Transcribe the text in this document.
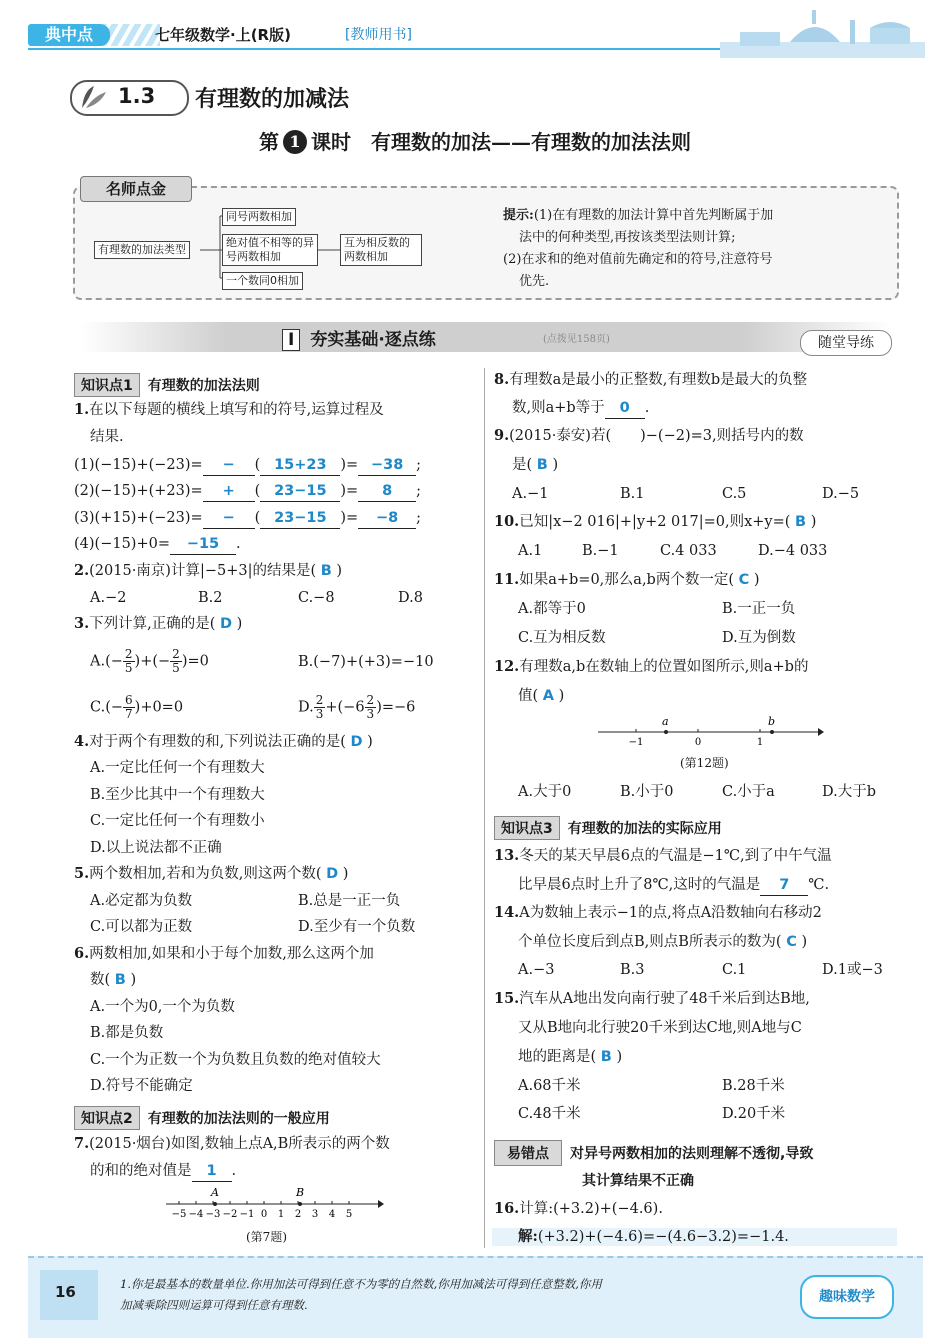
典中点	七年级数学·上(R版)	[教师用书]
1.3 有理数的加减法
第 1 课时　有理数的加法——有理数的加法法则
名师点金
有理数的加法类型
同号两数相加
绝对值不相等的异号两数相加
一个数同0相加
互为相反数的两数相加
提示:(1)在有理数的加法计算中首先判断属于加
法中的何种类型,再按该类型法则计算;
(2)在求和的绝对值前先确定和的符号,注意符号
优先.
Ⅰ 夯实基础·逐点练	(点拨见158页)	随堂导练
知识点1 有理数的加法法则
1.在以下每题的横线上填写和的符号,运算过程及
结果.
(1)(−15)+(−23)= − ( 15+23 )= −38 ;
(2)(−15)+(+23)= + ( 23−15 )= 8 ;
(3)(+15)+(−23)= − ( 23−15 )= −8 ;
(4)(−15)+0= −15 .
2.(2015·南京)计算|−5+3|的结果是( B )
A.−2	B.2	C.−8	D.8
3.下列计算,正确的是( D )
$A.(- \frac{2}{5}$ )+(− $\frac{2}{5} )=0$	B.(−7)+(+3)=−10
$C.(- \frac{6}{7} )+0=0$	D. $\frac{2}{3} +(-6 \frac{2}{3} )=-6$
4.对于两个有理数的和,下列说法正确的是( D )
A.一定比任何一个有理数大
B.至少比其中一个有理数大
C.一定比任何一个有理数小
D.以上说法都不正确
5.两个数相加,若和为负数,则这两个数( D )
A.必定都为负数	B.总是一正一负
C.可以都为正数	D.至少有一个负数
6.两数相加,如果和小于每个加数,那么这两个加
数( B )
A.一个为0,一个为负数
B.都是负数
C.一个为正数一个为负数且负数的绝对值较大
D.符号不能确定
知识点2 有理数的加法法则的一般应用
7.(2015·烟台)如图,数轴上点A,B所表示的两个数
的和的绝对值是 1 .
−5 −4 −3 −2 −1 0 1 2 3 4 5
A	B
(第7题)
8.有理数a是最小的正整数,有理数b是最大的负整
数,则a+b等于 0 .
9.(2015·泰安)若(　　)−(−2)=3,则括号内的数
是( B )
A.−1	B.1	C.5	D.−5
10.已知|x−2 016|+|y+2 017|=0,则x+y=( B )
A.1	B.−1	C.4 033	D.−4 033
11.如果a+b=0,那么a,b两个数一定( C )
A.都等于0	B.一正一负
C.互为相反数	D.互为倒数
12.有理数a,b在数轴上的位置如图所示,则a+b的
值( A )
−1	0	1
a	b
(第12题)
A.大于0	B.小于0	C.小于a	D.大于b
知识点3 有理数的加法的实际应用
13.冬天的某天早晨6点的气温是−1℃,到了中午气温
比早晨6点时上升了8℃,这时的气温是 7 ℃.
14.A为数轴上表示−1的点,将点A沿数轴向右移动2
个单位长度后到点B,则点B所表示的数为( C )
A.−3	B.3	C.1	D.1或−3
15.汽车从A地出发向南行驶了48千米后到达B地,
又从B地向北行驶20千米到达C地,则A地与C
地的距离是( B )
A.68千米	B.28千米
C.48千米	D.20千米
易错点 对异号两数相加的法则理解不透彻,导致
其计算结果不正确
16.计算:(+3.2)+(−4.6).
解:(+3.2)+(−4.6)=−(4.6−3.2)=−1.4.
16	1.你是最基本的数量单位.你用加法可得到任意不为零的自然数,你用加减法可得到任意整数,你用
加减乘除四则运算可得到任意有理数.	趣味数学
